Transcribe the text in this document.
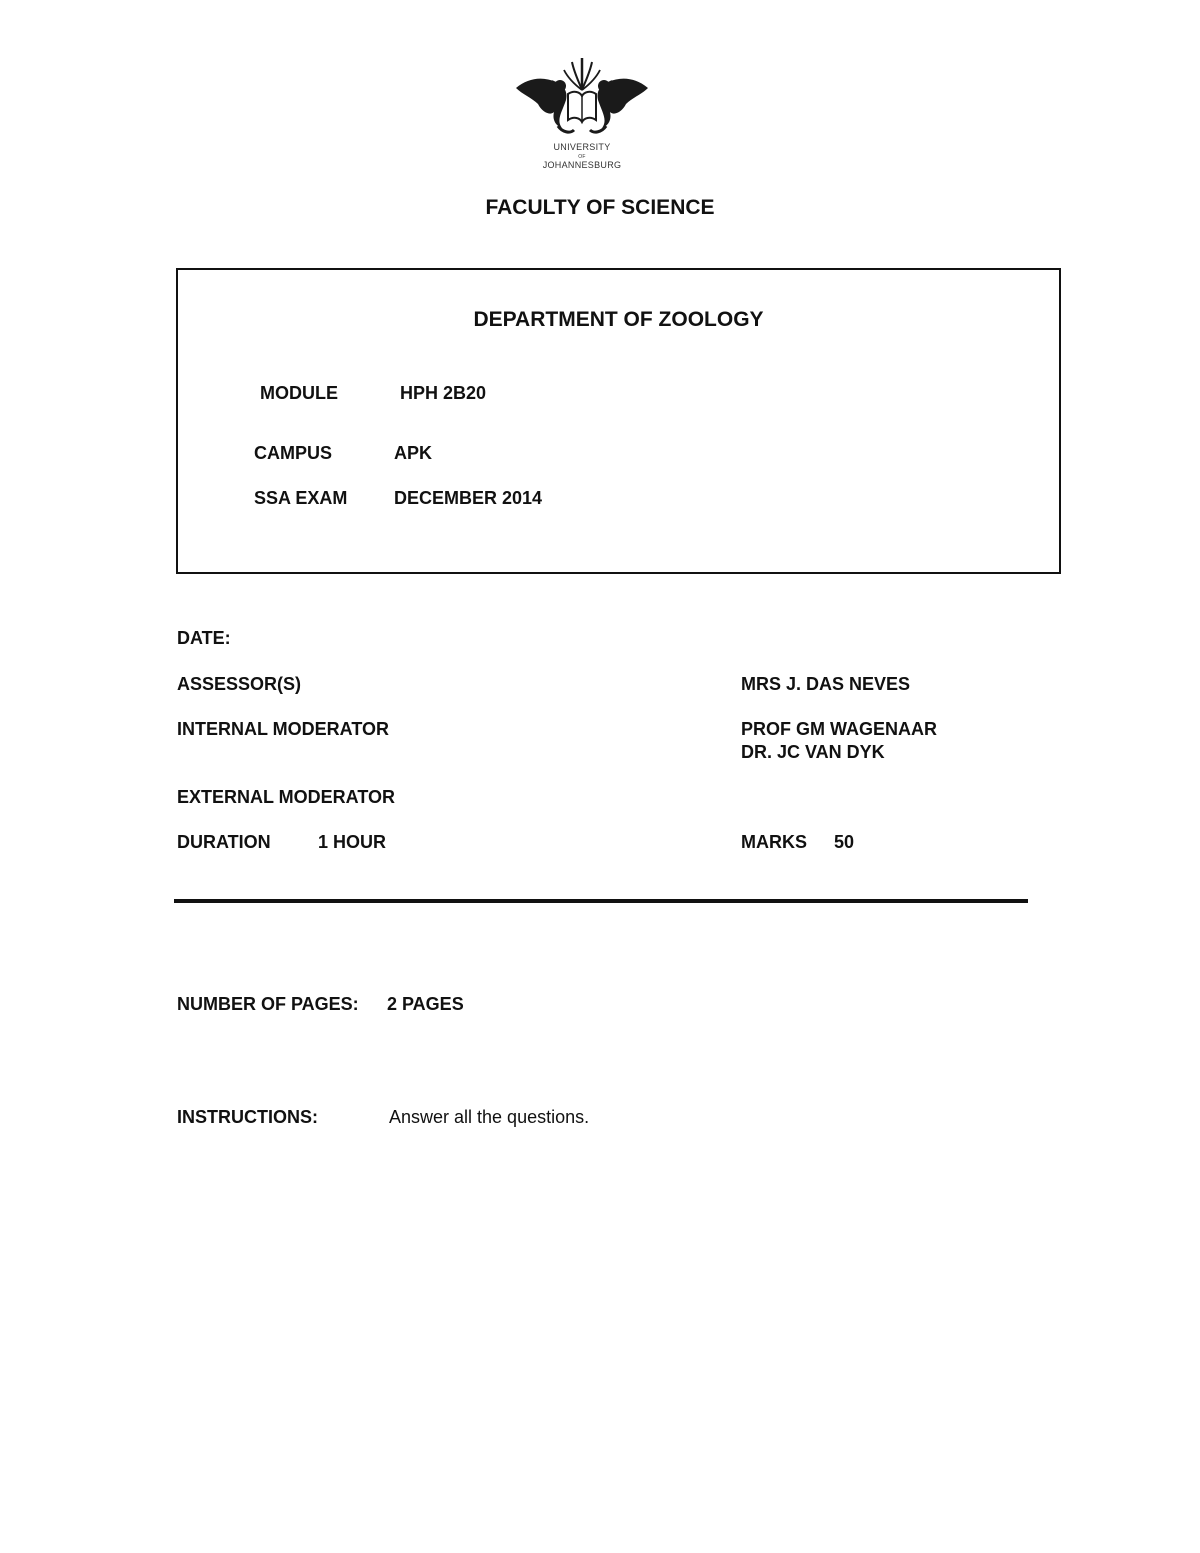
UNIVERSITY
OF
JOHANNESBURG
FACULTY OF SCIENCE
DEPARTMENT OF ZOOLOGY
MODULE	HPH 2B20
CAMPUS	APK
SSA EXAM	DECEMBER 2014
DATE:
ASSESSOR(S)	MRS J. DAS NEVES
INTERNAL MODERATOR	PROF GM WAGENAAR
DR. JC VAN DYK
EXTERNAL MODERATOR
DURATION	1 HOUR	MARKS 50
NUMBER OF PAGES: 2 PAGES
INSTRUCTIONS:	Answer all the questions.
